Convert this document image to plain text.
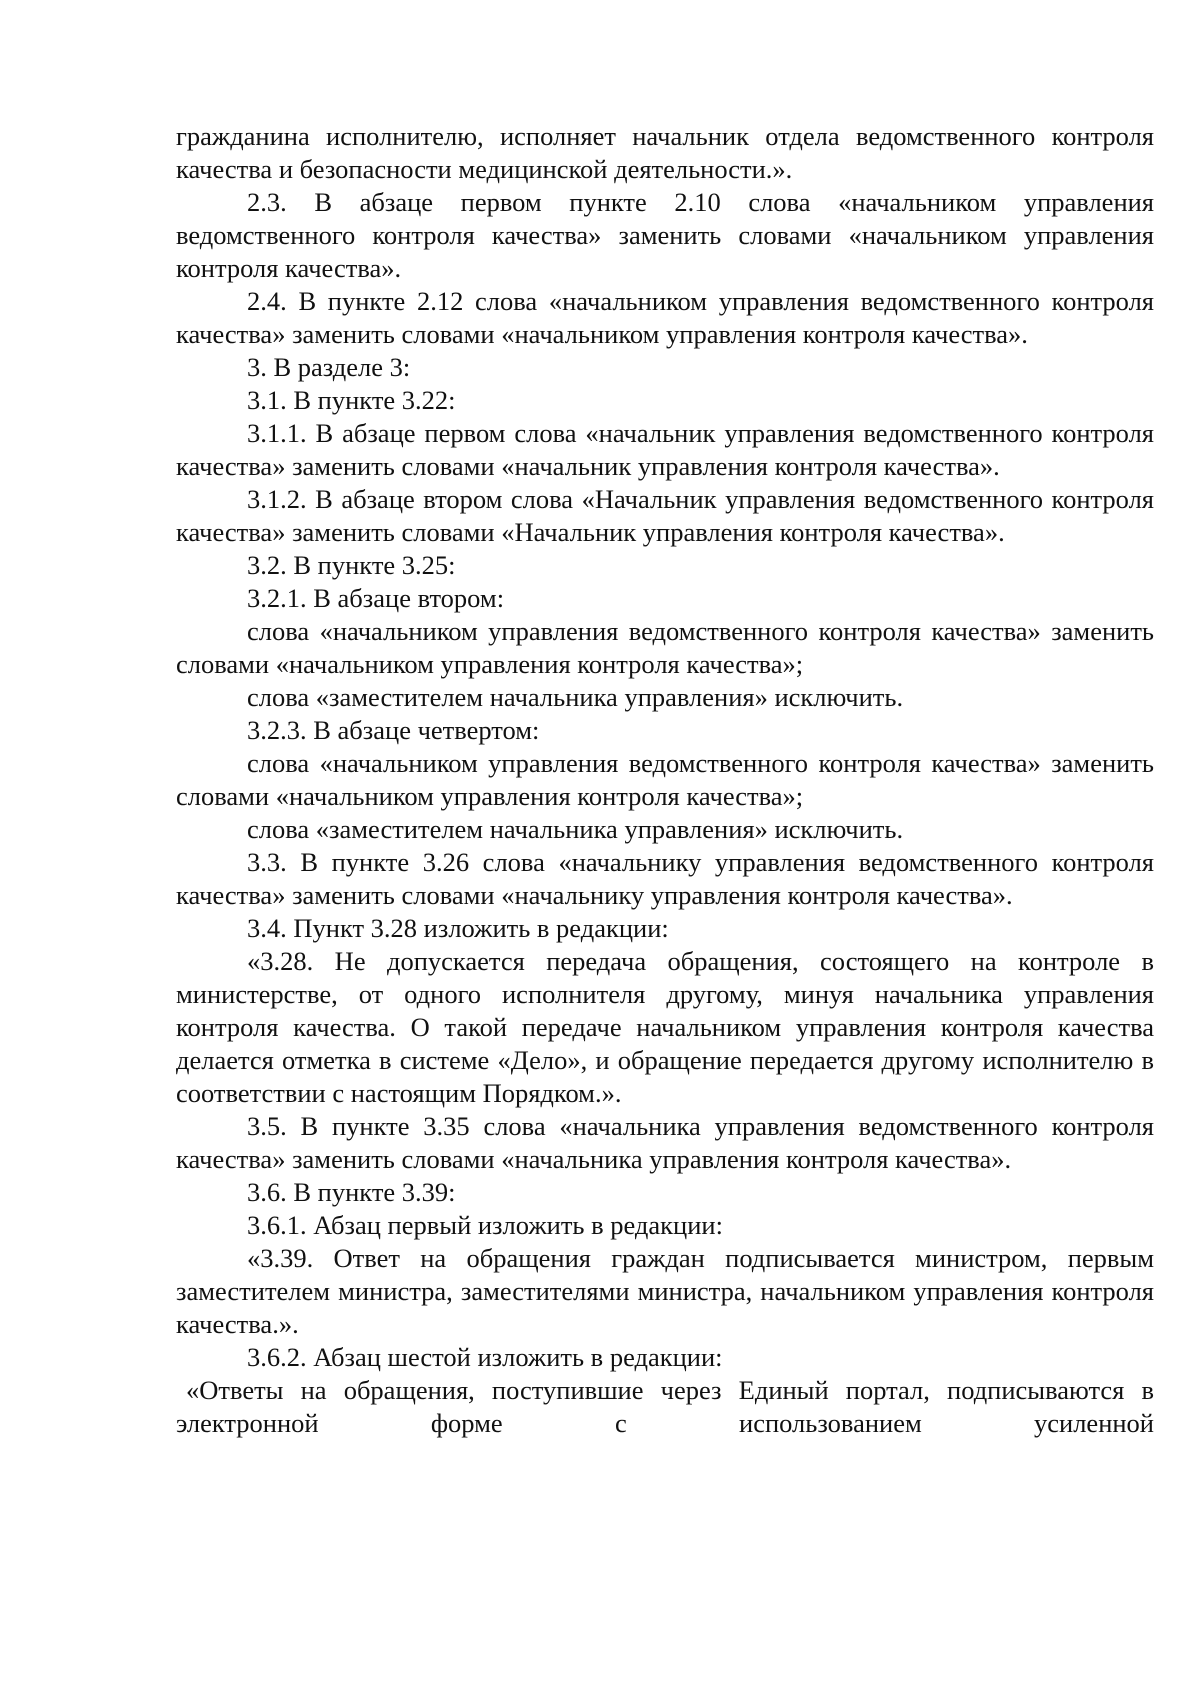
гражданина исполнителю, исполняет начальник отдела ведомственного контроля качества и безопасности медицинской деятельности.».

2.3. В абзаце первом пункте 2.10 слова «начальником управления ведомственного контроля качества» заменить словами «начальником управления контроля качества».

2.4. В пункте 2.12 слова «начальником управления ведомственного контроля качества» заменить словами «начальником управления контроля качества».

3. В разделе 3:

3.1. В пункте 3.22:

3.1.1. В абзаце первом слова «начальник управления ведомственного контроля качества» заменить словами «начальник управления контроля качества».

3.1.2. В абзаце втором слова «Начальник управления ведомственного контроля качества» заменить словами «Начальник управления контроля качества».

3.2. В пункте 3.25:

3.2.1. В абзаце втором:

слова «начальником управления ведомственного контроля качества» заменить словами «начальником управления контроля качества»;

слова «заместителем начальника управления» исключить.

3.2.3. В абзаце четвертом:

слова «начальником управления ведомственного контроля качества» заменить словами «начальником управления контроля качества»;

слова «заместителем начальника управления» исключить.

3.3. В пункте 3.26 слова «начальнику управления ведомственного контроля качества» заменить словами «начальнику управления контроля качества».

3.4. Пункт 3.28 изложить в редакции:

«3.28. Не допускается передача обращения, состоящего на контроле в министерстве, от одного исполнителя другому, минуя начальника управления контроля качества. О такой передаче начальником управления контроля качества делается отметка в системе «Дело», и обращение передается другому исполнителю в соответствии с настоящим Порядком.».

3.5. В пункте 3.35 слова «начальника управления ведомственного контроля качества» заменить словами «начальника управления контроля качества».

3.6. В пункте 3.39:

3.6.1. Абзац первый изложить в редакции:

«3.39. Ответ на обращения граждан подписывается министром, первым заместителем министра, заместителями министра, начальником управления контроля качества.».

3.6.2. Абзац шестой изложить в редакции:

«Ответы на обращения, поступившие через Единый портал, подписываются в электронной форме с использованием усиленной
